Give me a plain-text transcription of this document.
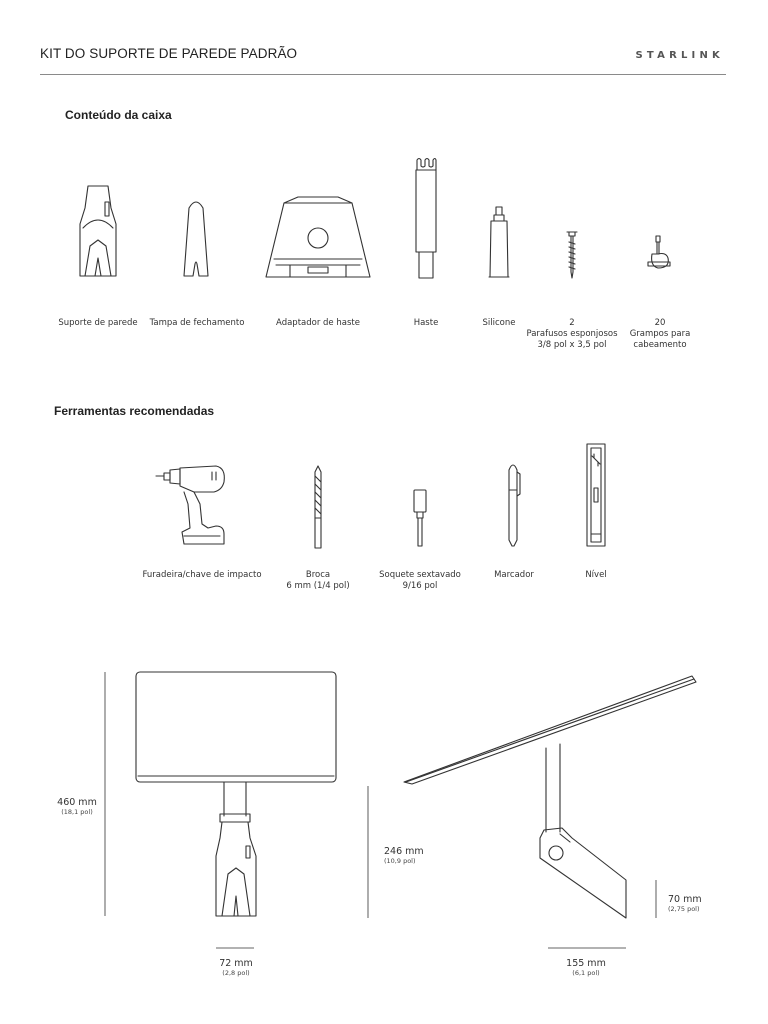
KIT DO SUPORTE DE PAREDE PADRÃO	STARLINK
Conteúdo da caixa
Suporte de parede	Tampa de fechamento	Adaptador de haste	Haste	Silicone	2
Parafusos esponjosos
3/8 pol x 3,5 pol
20
Grampos para
cabeamento
Ferramentas recomendadas
Furadeira/chave de impacto	Broca
6 mm (1/4 pol)
Soquete sextavado
9/16 pol
Marcador	Nível
460 mm
(18,1 pol)
246 mm
(10,9 pol)
72 mm
(2,8 pol)
155 mm
(6,1 pol)
70 mm
(2,75 pol)
